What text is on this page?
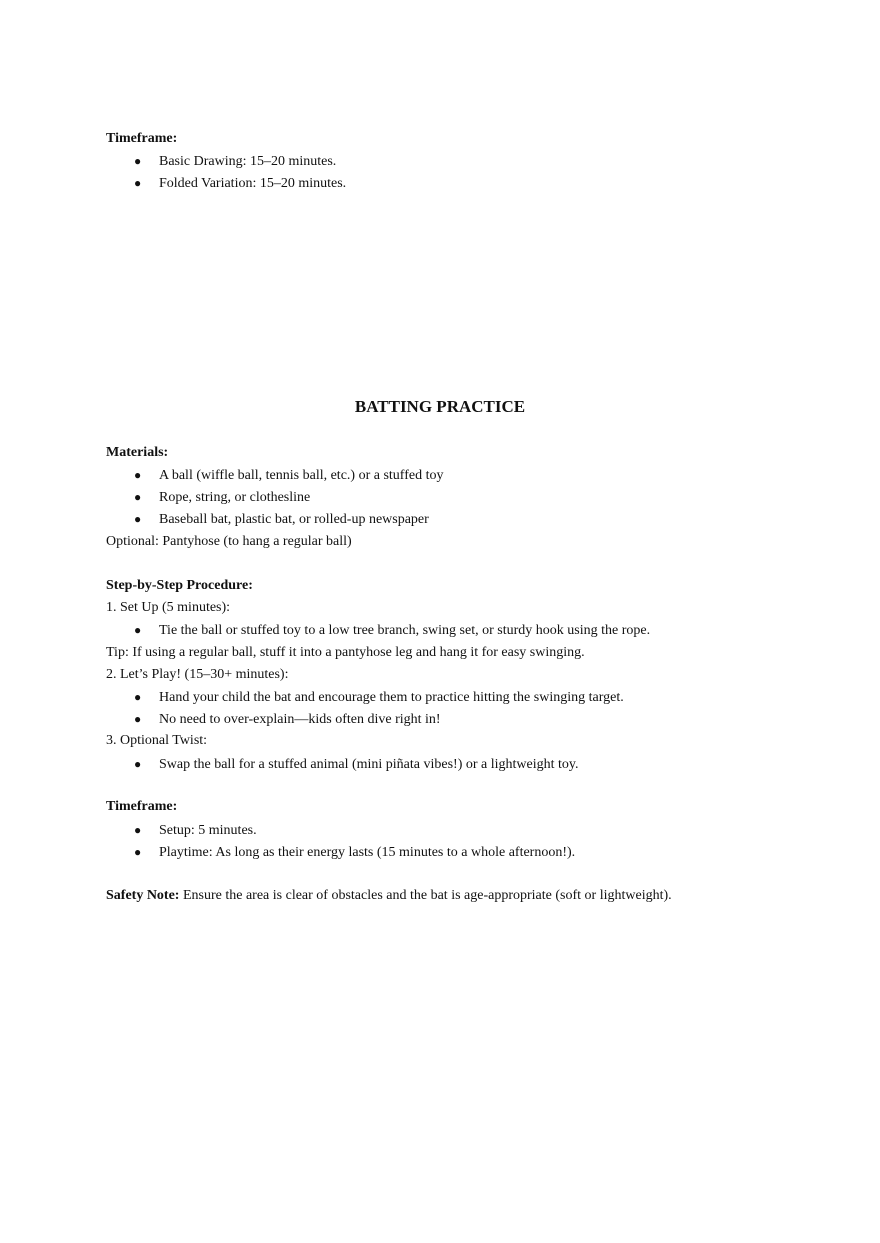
Timeframe:
● Basic Drawing: 15–20 minutes.
● Folded Variation: 15–20 minutes.
BATTING PRACTICE
Materials:
● A ball (wiffle ball, tennis ball, etc.) or a stuffed toy
● Rope, string, or clothesline
● Baseball bat, plastic bat, or rolled-up newspaper
Optional: Pantyhose (to hang a regular ball)
Step-by-Step Procedure:
1. Set Up (5 minutes):
● Tie the ball or stuffed toy to a low tree branch, swing set, or sturdy hook using the rope.
Tip: If using a regular ball, stuff it into a pantyhose leg and hang it for easy swinging.
2. Let’s Play! (15–30+ minutes):
● Hand your child the bat and encourage them to practice hitting the swinging target.
● No need to over-explain—kids often dive right in!
3. Optional Twist:
● Swap the ball for a stuffed animal (mini piñata vibes!) or a lightweight toy.
Timeframe:
● Setup: 5 minutes.
● Playtime: As long as their energy lasts (15 minutes to a whole afternoon!).
Safety Note: Ensure the area is clear of obstacles and the bat is age-appropriate (soft or lightweight).
